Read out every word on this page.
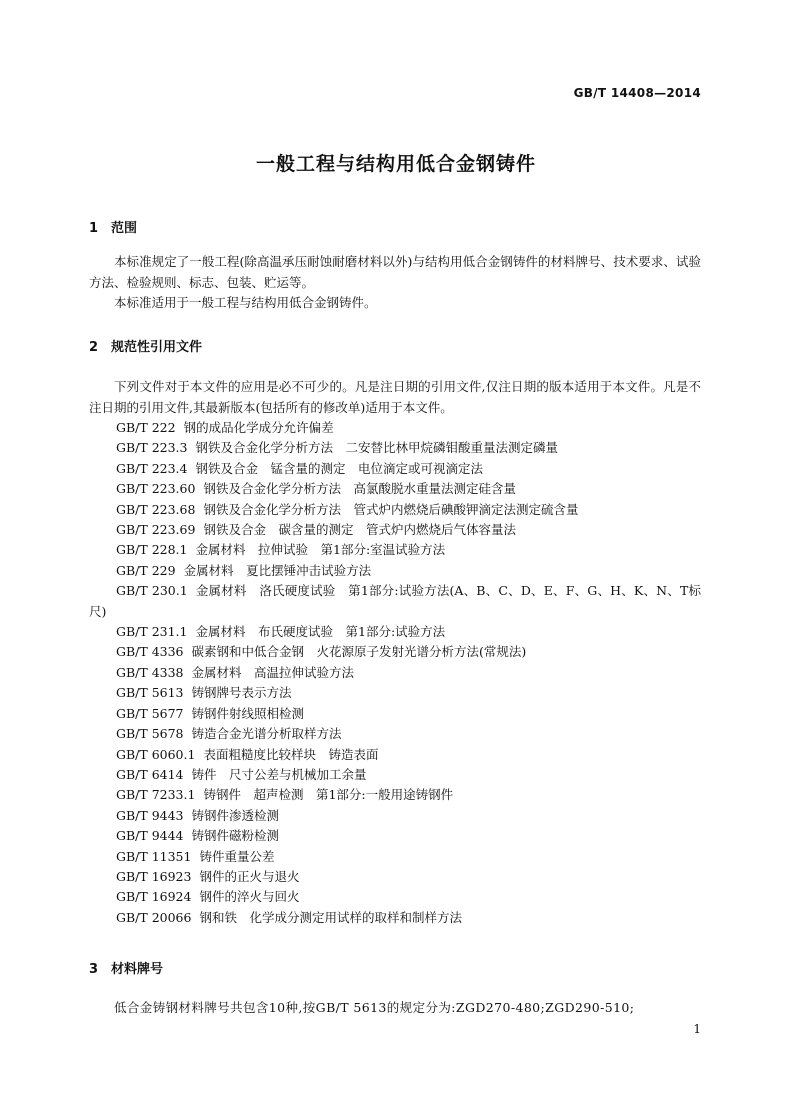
GB/T 14408—2014
一般工程与结构用低合金钢铸件
1 范围
本标准规定了一般工程(除高温承压耐蚀耐磨材料以外)与结构用低合金钢铸件的材料牌号、技术要求、试验方法、检验规则、标志、包装、贮运等。
本标准适用于一般工程与结构用低合金钢铸件。
2 规范性引用文件
下列文件对于本文件的应用是必不可少的。凡是注日期的引用文件,仅注日期的版本适用于本文件。凡是不注日期的引用文件,其最新版本(包括所有的修改单)适用于本文件。
GB/T 222 钢的成品化学成分允许偏差
GB/T 223.3 钢铁及合金化学分析方法　二安替比林甲烷磷钼酸重量法测定磷量
GB/T 223.4 钢铁及合金　锰含量的测定　电位滴定或可视滴定法
GB/T 223.60 钢铁及合金化学分析方法　高氯酸脱水重量法测定硅含量
GB/T 223.68 钢铁及合金化学分析方法　管式炉内燃烧后碘酸钾滴定法测定硫含量
GB/T 223.69 钢铁及合金　碳含量的测定　管式炉内燃烧后气体容量法
GB/T 228.1 金属材料　拉伸试验　第1部分:室温试验方法
GB/T 229 金属材料　夏比摆锤冲击试验方法
GB/T 230.1 金属材料　洛氏硬度试验　第1部分:试验方法(A、B、C、D、E、F、G、H、K、N、T标尺)
GB/T 231.1 金属材料　布氏硬度试验　第1部分:试验方法
GB/T 4336 碳素钢和中低合金钢　火花源原子发射光谱分析方法(常规法)
GB/T 4338 金属材料　高温拉伸试验方法
GB/T 5613 铸钢牌号表示方法
GB/T 5677 铸钢件射线照相检测
GB/T 5678 铸造合金光谱分析取样方法
GB/T 6060.1 表面粗糙度比较样块　铸造表面
GB/T 6414 铸件　尺寸公差与机械加工余量
GB/T 7233.1 铸钢件　超声检测　第1部分:一般用途铸钢件
GB/T 9443 铸钢件渗透检测
GB/T 9444 铸钢件磁粉检测
GB/T 11351 铸件重量公差
GB/T 16923 钢件的正火与退火
GB/T 16924 钢件的淬火与回火
GB/T 20066 钢和铁　化学成分测定用试样的取样和制样方法
3 材料牌号
低合金铸钢材料牌号共包含10种,按GB/T 5613的规定分为:ZGD270-480;ZGD290-510;
1
